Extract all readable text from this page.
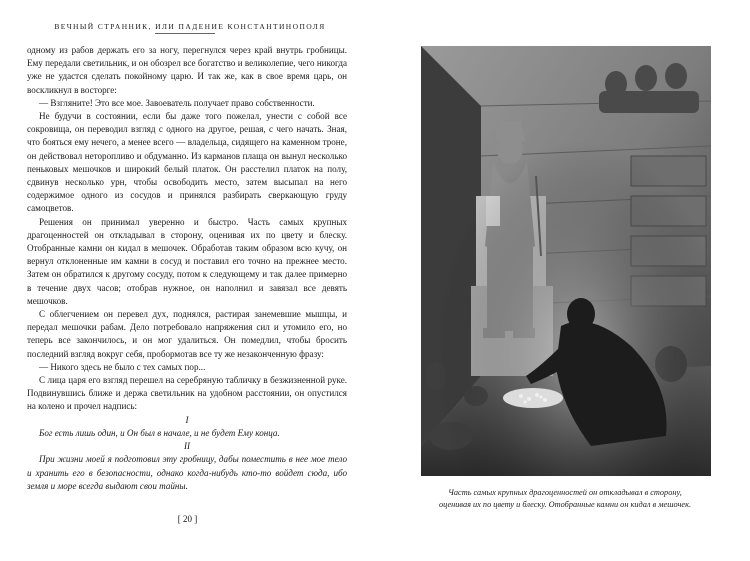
ВЕЧНЫЙ СТРАННИК, ИЛИ ПАДЕНИЕ КОНСТАНТИНОПОЛЯ

одному из рабов держать его за ногу, перегнулся через край внутрь гробницы. Ему передали светильник, и он обозрел все богатство и великолепие, чего никогда уже не удастся сделать покойному царю. И так же, как в свое время царь, он воскликнул в восторге:

— Взгляните! Это все мое. Завоеватель получает право собственности.

Не будучи в состоянии, если бы даже того пожелал, унести с собой все сокровища, он переводил взгляд с одного на другое, решая, с чего начать. Зная, что бояться ему нечего, а менее всего — владельца, сидящего на каменном троне, он действовал неторопливо и обдуманно. Из карманов плаща он вынул несколько пеньковых мешочков и широкий белый платок. Он расстелил платок на полу, сдвинув несколько урн, чтобы освободить место, затем высыпал на него содержимое одного из сосудов и принялся разбирать сверкающую груду самоцветов.

Решения он принимал уверенно и быстро. Часть самых крупных драгоценностей он откладывал в сторону, оценивая их по цвету и блеску. Отобранные камни он кидал в мешочек. Обработав таким образом всю кучу, он вернул отклоненные им камни в сосуд и поставил его точно на прежнее место. Затем он обратился к другому сосуду, потом к следующему и так далее примерно в течение двух часов; отобрав нужное, он наполнил и завязал все девять мешочков.

С облегчением он перевел дух, поднялся, растирая занемевшие мышцы, и передал мешочки рабам. Дело потребовало напряжения сил и утомило его, но теперь все закончилось, и он мог удалиться. Он помедлил, чтобы бросить последний взгляд вокруг себя, пробормотав все ту же незаконченную фразу:

— Никого здесь не было с тех самых пор...

С лица царя его взгляд перешел на серебряную табличку в безжизненной руке. Подвинувшись ближе и держа светильник на удобном расстоянии, он опустился на колено и прочел надпись:

I

Бог есть лишь один, и Он был в начале, и не будет Ему конца.

II

При жизни моей я подготовил эту гробницу, дабы поместить в нее мое тело и хранить его в безопасности, однако когда-нибудь кто-то войдет сюда, ибо земля и море всегда выдают свои тайны.

[ 20 ]
Часть самых крупных драгоценностей он откладывал в сторону,
оценивая их по цвету и блеску. Отобранные камни он кидал в мешочек.
